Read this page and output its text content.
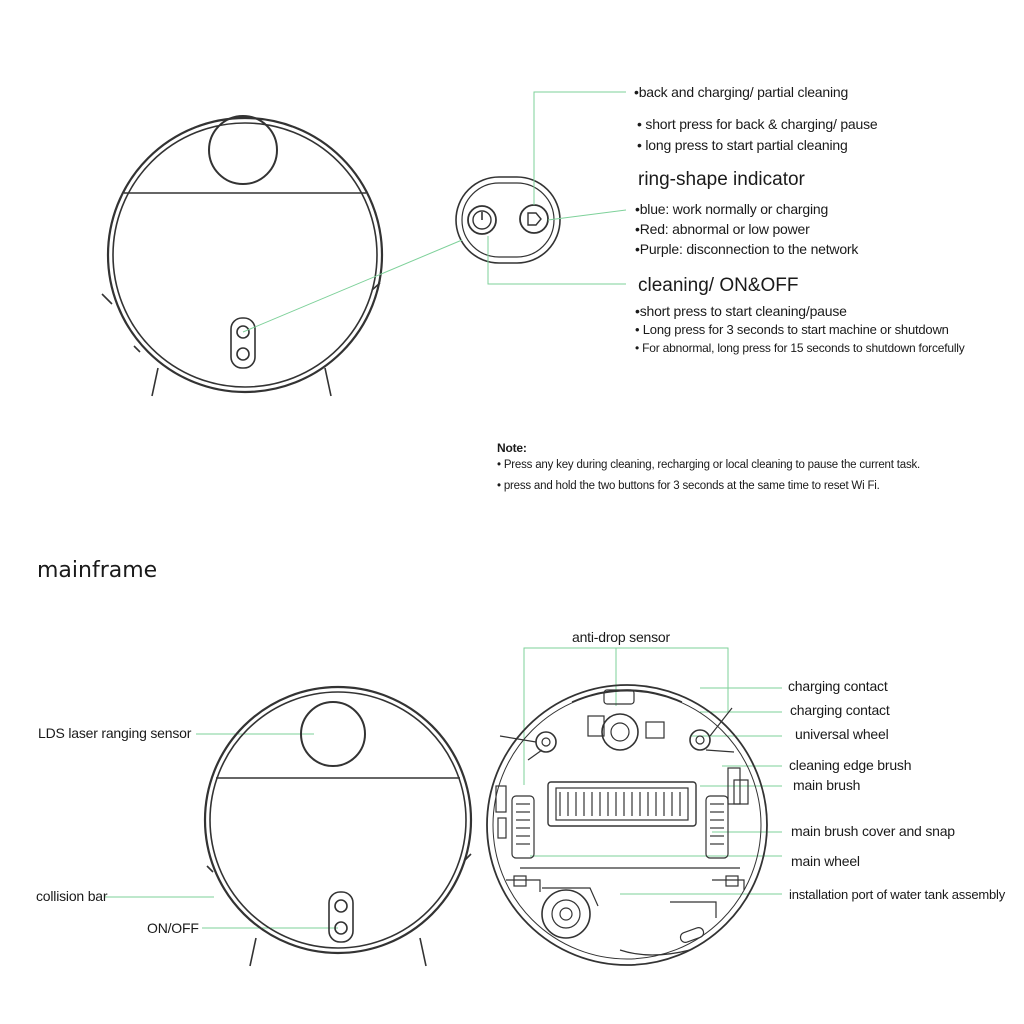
•back and charging/ partial cleaning
• short press for back & charging/ pause
• long press to start partial cleaning
ring-shape indicator
•blue: work normally or charging
•Red: abnormal or low power
•Purple: disconnection to the network
cleaning/ ON&OFF
•short press to start cleaning/pause
• Long press for 3 seconds to start machine or shutdown
• For abnormal, long press for 15 seconds to shutdown forcefully
Note:
• Press any key during cleaning, recharging or local cleaning to pause the current task.
• press and hold the two buttons for 3 seconds at the same time to reset Wi Fi.
mainframe
LDS laser ranging sensor
collision bar
ON/OFF
anti-drop sensor
charging contact
charging contact
universal wheel
cleaning edge brush
main brush
main brush cover and snap
main wheel
installation port of water tank assembly
